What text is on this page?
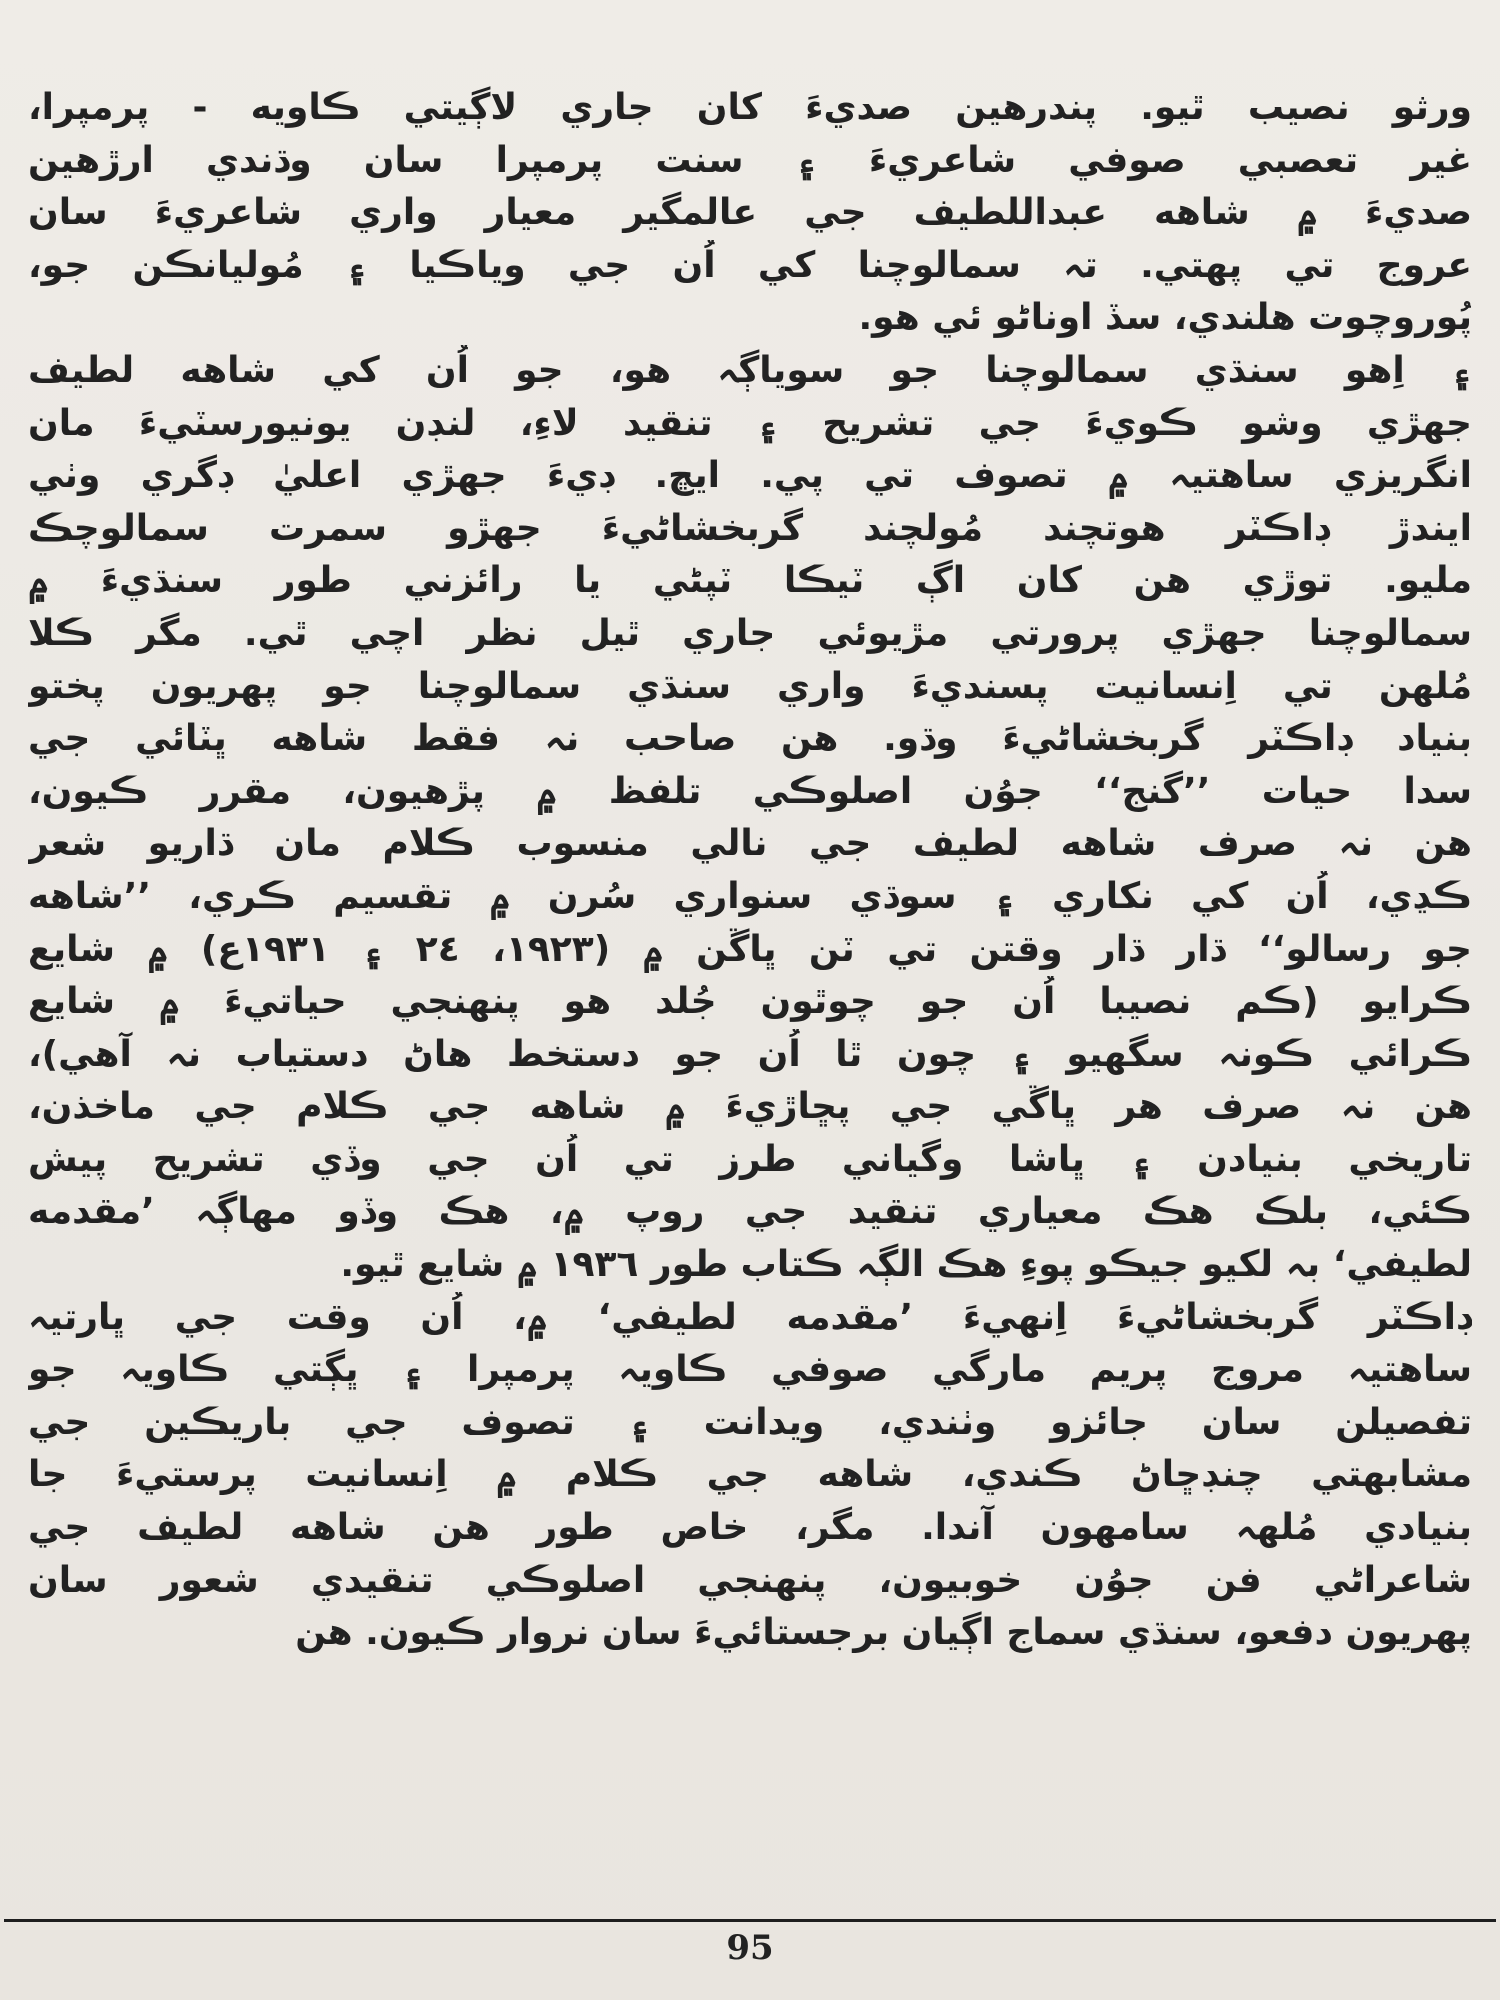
ورثو نصيب ٿيو. پندرهين صديءَ کان جاري لاڳيتي ڪاويه - پرمپرا،
غير تعصبي صوفي شاعريءَ ۽ سنت پرمپرا سان وڌندي ارڙهين
صديءَ ۾ شاهه عبداللطيف جي عالمگير معيار واري شاعريءَ سان
عروج تي پهتي. تہ سمالوچنا کي اُن جي وياڪيا ۽ مُوليانڪن جو،
پُوروچوت هلندي، سڏ اوناڻو ئي هو.
۽ اِهو سنڌي سمالوچنا جو سوياڳہ هو، جو اُن کي شاهه لطيف
جهڙي وشو ڪويءَ جي تشريح ۽ تنقيد لاءِ، لنڊن يونيورسٽيءَ مان
انگريزي ساهتيہ ۾ تصوف تي پي. ايڇ. ڊيءَ جهڙي اعليٰ ڊگري وٺي
ايندڙ ڊاڪٽر هوتچند مُولچند گربخشاڻيءَ جهڙو سمرت سمالوچڪ
مليو. توڙي هن کان اڳ ٽيڪا ٽپڻي يا رائزني طور سنڌيءَ ۾
سمالوچنا جهڙي پرورتي مڙيوئي جاري ٿيل نظر اچي ٿي. مگر ڪلا
مُلهن تي اِنسانيت پسنديءَ واري سنڌي سمالوچنا جو پهريون پختو
بنياد ڊاڪٽر گربخشاڻيءَ وڌو. هن صاحب نہ فقط شاهه ڀٽائي جي
سدا حيات ’’گنج‘‘ جوُن اصلوڪي تلفظ ۾ پڙهيون، مقرر ڪيون،
هن نہ صرف شاهه لطيف جي نالي منسوب ڪلام مان ڌاريو شعر
ڪڍي، اُن کي نکاري ۽ سوڌي سنواري سُرن ۾ تقسيم ڪري، ’’شاهه
جو رسالو‘‘ ڌار ڌار وقتن تي ٽن ڀاڱن ۾ (١٩٢٣، ٢٤ ۽ ١٩٣١ع) ۾ شايع
ڪرايو (ڪم نصيبا اُن جو چوٿون جُلد هو پنهنجي حياتيءَ ۾ شايع
ڪرائي ڪونہ سگهيو ۽ چون ٿا اُن جو دستخط هاڻ دستياب نہ آهي)،
هن نہ صرف هر ڀاڱي جي پڇاڙيءَ ۾ شاهه جي ڪلام جي ماخذن،
تاريخي بنيادن ۽ ڀاشا وگياني طرز تي اُن جي وڏي تشريح پيش
ڪئي، بلڪ هڪ معياري تنقيد جي روپ ۾، هڪ وڏو مهاڳہ ’مقدمه
لطيفي‘ بہ لکيو جيڪو پوءِ هڪ الڳہ ڪتاب طور ١٩٣٦ ۾ شايع ٿيو.
ڊاڪٽر گربخشاڻيءَ اِنهيءَ ’مقدمه لطيفي‘ ۾، اُن وقت جي ڀارتيہ
ساهتيہ مروج پريم مارگي صوفي ڪاويہ پرمپرا ۽ ڀڳتي ڪاويہ جو
تفصيلن سان جائزو وٺندي، ويدانت ۽ تصوف جي باريڪين جي
مشابهتي چنڊڇاڻ ڪندي، شاهه جي ڪلام ۾ اِنسانيت پرستيءَ جا
بنيادي مُلهہ سامهون آندا. مگر، خاص طور هن شاهه لطيف جي
شاعراڻي فن جوُن خوبيون، پنهنجي اصلوڪي تنقيدي شعور سان
پهريون دفعو، سنڌي سماج اڳيان برجستائيءَ سان نروار ڪيون. هن
95
